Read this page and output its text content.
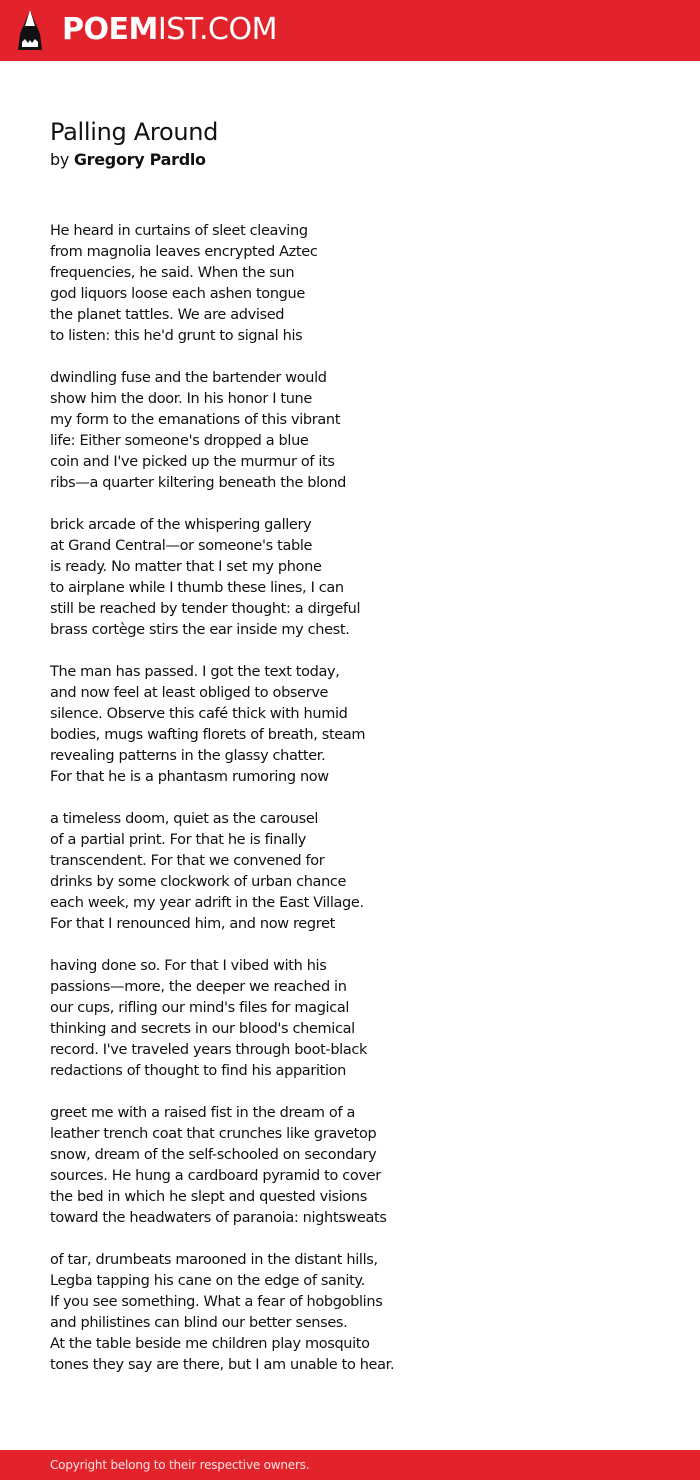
POEMIST.COM
Palling Around
by Gregory Pardlo
He heard in curtains of sleet cleaving
from magnolia leaves encrypted Aztec
frequencies, he said. When the sun
god liquors loose each ashen tongue
the planet tattles. We are advised
to listen: this he'd grunt to signal his
dwindling fuse and the bartender would
show him the door. In his honor I tune
my form to the emanations of this vibrant
life: Either someone's dropped a blue
coin and I've picked up the murmur of its
ribs—a quarter kiltering beneath the blond
brick arcade of the whispering gallery
at Grand Central—or someone's table
is ready. No matter that I set my phone
to airplane while I thumb these lines, I can
still be reached by tender thought: a dirgeful
brass cortège stirs the ear inside my chest.
The man has passed. I got the text today,
and now feel at least obliged to observe
silence. Observe this café thick with humid
bodies, mugs wafting florets of breath, steam
revealing patterns in the glassy chatter.
For that he is a phantasm rumoring now
a timeless doom, quiet as the carousel
of a partial print. For that he is finally
transcendent. For that we convened for
drinks by some clockwork of urban chance
each week, my year adrift in the East Village.
For that I renounced him, and now regret
having done so. For that I vibed with his
passions—more, the deeper we reached in
our cups, rifling our mind's files for magical
thinking and secrets in our blood's chemical
record. I've traveled years through boot-black
redactions of thought to find his apparition
greet me with a raised fist in the dream of a
leather trench coat that crunches like gravetop
snow, dream of the self-schooled on secondary
sources. He hung a cardboard pyramid to cover
the bed in which he slept and quested visions
toward the headwaters of paranoia: nightsweats
of tar, drumbeats marooned in the distant hills,
Legba tapping his cane on the edge of sanity.
If you see something. What a fear of hobgoblins
and philistines can blind our better senses.
At the table beside me children play mosquito
tones they say are there, but I am unable to hear.
Copyright belong to their respective owners.
